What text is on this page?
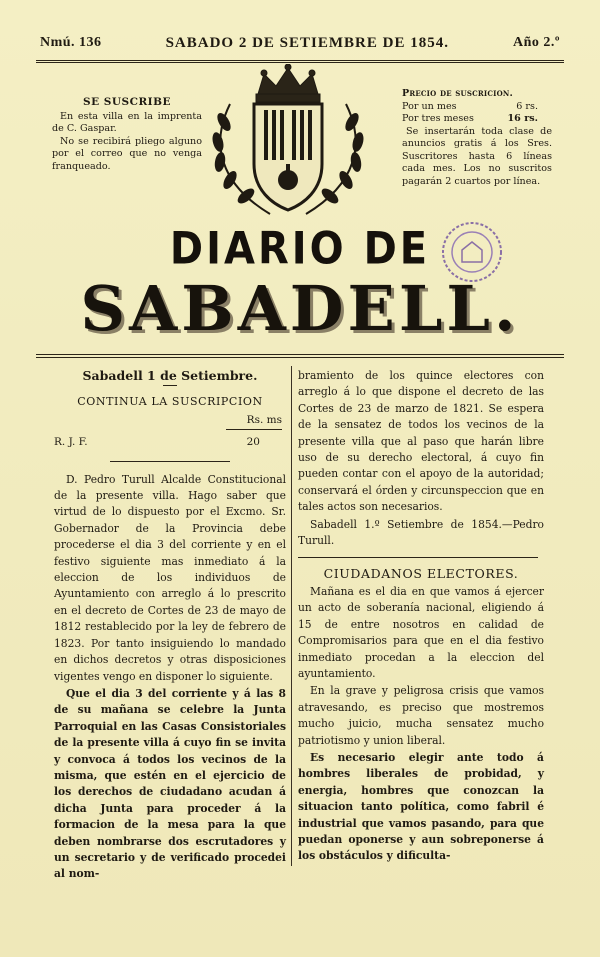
Nmú. 136	SABADO 2 DE SETIEMBRE DE 1854.	Año 2.º
SE SUSCRIBE

En esta villa en la imprenta de C. Gaspar.

No se recibirá pliego alguno por el correo que no venga franqueado.

Precio de suscricion.
Por un mes	6 rs.
Por tres meses	16 rs.

Se insertarán toda clase de anuncios gratis á los Sres. Suscritores hasta 6 líneas cada mes. Los no suscritos pagarán 2 cuartos por línea.

DIARIO DE
SABADELL.

Sabadell 1 de Setiembre.

CONTINUA LA SUSCRIPCION

Rs. ms

R. J. F.	20

D. Pedro Turull Alcalde Constitucional de la presente villa. Hago saber que virtud de lo dispuesto por el Excmo. Sr. Gobernador de la Provincia debe procederse el dia 3 del corriente y en el festivo siguiente mas inmediato á la eleccion de los individuos de Ayuntamiento con arreglo á lo prescrito en el decreto de Cortes de 23 de mayo de 1812 restablecido por la ley de febrero de 1823. Por tanto insiguiendo lo mandado en dichos decretos y otras disposiciones vigentes vengo en disponer lo siguiente.

Que el dia 3 del corriente y á las 8 de su mañana se celebre la Junta Parroquial en las Casas Consistoriales de la presente villa á cuyo fin se invita y convoca á todos los vecinos de la misma, que estén en el ejercicio de los derechos de ciudadano acudan á dicha Junta para proceder á la formacion de la mesa para la que deben nombrarse dos escrutadores y un secretario y de verificado procedei al nom-

bramiento de los quince electores con arreglo á lo que dispone el decreto de las Cortes de 23 de marzo de 1821. Se espera de la sensatez de todos los vecinos de la presente villa que al paso que harán libre uso de su derecho electoral, á cuyo fin pueden contar con el apoyo de la autoridad; conservará el órden y circunspeccion que en tales actos son necesarios.

Sabadell 1.º Setiembre de 1854.—Pedro Turull.

CIUDADANOS ELECTORES.

Mañana es el dia en que vamos á ejercer un acto de soberanía nacional, eligiendo á 15 de entre nosotros en calidad de Compromisarios para que en el dia festivo inmediato procedan a la eleccion del ayuntamiento.

En la grave y peligrosa crisis que vamos atravesando, es preciso que mostremos mucho juicio, mucha sensatez mucho patriotismo y union liberal.

Es necesario elegir ante todo á hombres liberales de probidad, y energia, hombres que conozcan la situacion tanto política, como fabril é industrial que vamos pasando, para que puedan oponerse y aun sobreponerse á los obstáculos y dificulta-
